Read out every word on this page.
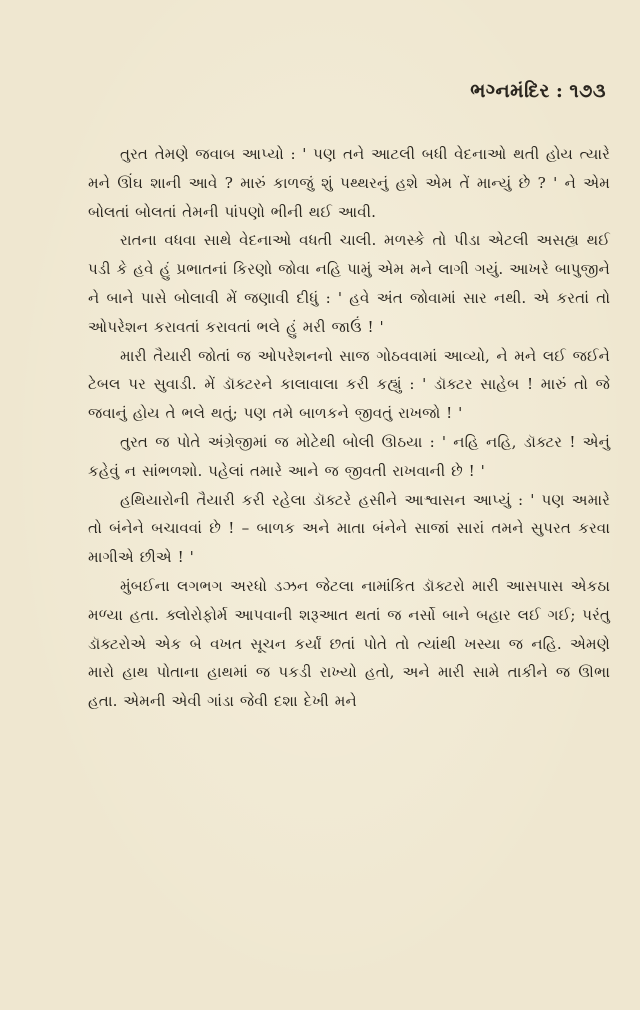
ભગ્નમંદિર : ૧૭૩

તુરત તેમણે જવાબ આપ્યો : ' પણ તને આટલી બધી વેદનાઓ થતી હોય ત્યારે મને ઊંઘ શાની આવે ? મારું કાળજું શું પથ્થરનું હશે એમ તેં માન્યું છે ? ' ને એમ બોલતાં બોલતાં તેમની પાંપણો ભીની થઈ આવી.

રાતના વધવા સાથે વેદનાઓ વધતી ચાલી. મળસ્કે તો પીડા એટલી અસહ્ય થઈ પડી કે હવે હું પ્રભાતનાં કિરણો જોવા નહિ પામું એમ મને લાગી ગયું. આખરે બાપુજીને ને બાને પાસે બોલાવી મેં જણાવી દીધું : ' હવે અંત જોવામાં સાર નથી. એ કરતાં તો ઓપરેશન કરાવતાં કરાવતાં ભલે હું મરી જાઉં ! '

મારી તૈયારી જોતાં જ ઓપરેશનનો સાજ ગોઠવવામાં આવ્યો, ને મને લઈ જઈને ટેબલ પર સુવાડી. મેં ડૉક્ટરને કાલાવાલા કરી કહ્યું : ' ડૉક્ટર સાહેબ ! મારું તો જે જવાનું હોય તે ભલે થતું; પણ તમે બાળકને જીવતું રાખજો ! '

તુરત જ પોતે અંગ્રેજીમાં જ મોટેથી બોલી ઊઠયા : ' નહિ નહિ, ડૉક્ટર ! એનું કહેવું ન સાંભળશો. પહેલાં તમારે આને જ જીવતી રાખવાની છે ! '

હથિયારોની તૈયારી કરી રહેલા ડૉક્ટરે હસીને આશ્વાસન આપ્યું : ' પણ અમારે તો બંનેને બચાવવાં છે ! – બાળક અને માતા બંનેને સાજાં સારાં તમને સુપરત કરવા માગીએ છીએ ! '

મુંબઈના લગભગ અરધો ડઝન જેટલા નામાંકિત ડૉક્ટરો મારી આસપાસ એકઠા મળ્યા હતા. ક્લોરોફોર્મ આપવાની શરૂઆત થતાં જ નર્સો બાને બહાર લઈ ગઈ; પરંતુ ડૉક્ટરોએ એક બે વખત સૂચન કર્યાં છતાં પોતે તો ત્યાંથી ખસ્યા જ નહિ. એમણે મારો હાથ પોતાના હાથમાં જ પકડી રાખ્યો હતો, અને મારી સામે તાકીને જ ઊભા હતા. એમની એવી ગાંડા જેવી દશા દેખી મને
